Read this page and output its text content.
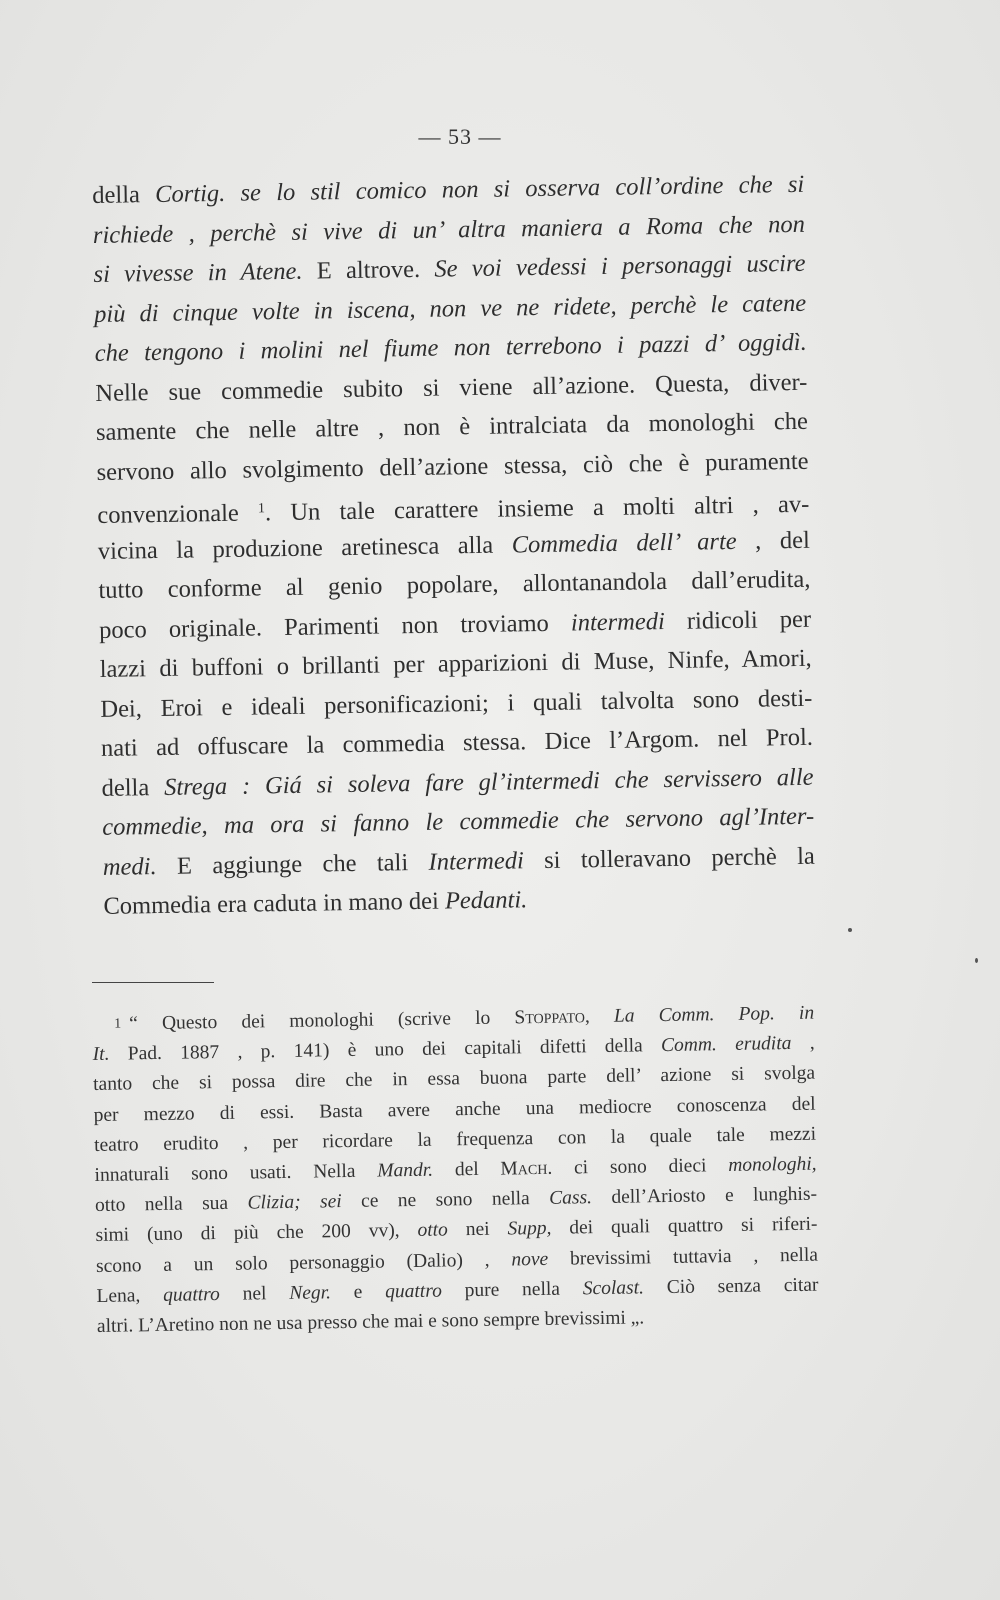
— 53 —
della Cortig. se lo stil comico non si osserva coll’ordine che si
richiede , perchè si vive di un’ altra maniera a Roma che non
si vivesse in Atene. E altrove. Se voi vedessi i personaggi uscire
più di cinque volte in iscena, non ve ne ridete, perchè le catene
che tengono i molini nel fiume non terrebono i pazzi d’ oggidì.
Nelle sue commedie subito si viene all’azione. Questa, diver-
samente che nelle altre , non è intralciata da monologhi che
servono allo svolgimento dell’azione stessa, ciò che è puramente
convenzionale $^1$. Un tale carattere insieme a molti altri , av-
vicina la produzione aretinesca alla Commedia dell’ arte , del
tutto conforme al genio popolare, allontanandola dall’erudita,
poco originale. Parimenti non troviamo intermedi ridicoli per
lazzi di buffoni o brillanti per apparizioni di Muse, Ninfe, Amori,
Dei, Eroi e ideali personificazioni; i quali talvolta sono desti-
nati ad offuscare la commedia stessa. Dice l’Argom. nel Prol.
della Strega : Giá si soleva fare gl’intermedi che servissero alle
commedie, ma ora si fanno le commedie che servono agl’Inter-
medi. E aggiunge che tali Intermedi si tolleravano perchè la
Commedia era caduta in mano dei Pedanti.
1 “ Questo dei monologhi (scrive lo Stoppato, La Comm. Pop. in
It. Pad. 1887 , p. 141) è uno dei capitali difetti della Comm. erudita ,
tanto che si possa dire che in essa buona parte dell’ azione si svolga
per mezzo di essi. Basta avere anche una mediocre conoscenza del
teatro erudito , per ricordare la frequenza con la quale tale mezzi
innaturali sono usati. Nella Mandr. del Mach. ci sono dieci monologhi,
otto nella sua Clizia; sei ce ne sono nella Cass. dell’Ariosto e lunghis-
simi (uno di più che 200 vv), otto nei Supp, dei quali quattro si riferi-
scono a un solo personaggio (Dalio) , nove brevissimi tuttavia , nella
Lena, quattro nel Negr. e quattro pure nella Scolast. Ciò senza citar
altri. L’Aretino non ne usa presso che mai e sono sempre brevissimi „.
